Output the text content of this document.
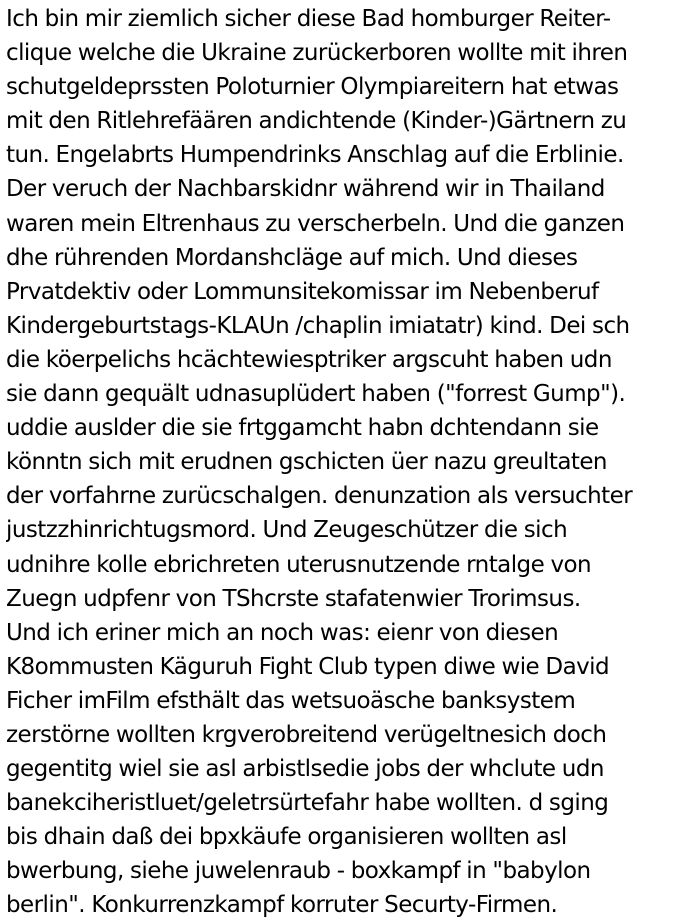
Ich bin mir ziemlich sicher diese Bad homburger Reiter-
clique welche die Ukraine zurückerboren wollte mit ihren
schutgeldeprssten Poloturnier Olympiareitern hat etwas
mit den Ritlehrefäären andichtende (Kinder-)Gärtnern zu
tun. Engelabrts Humpendrinks Anschlag auf die Erblinie.
Der veruch der Nachbarskidnr während wir in Thailand
waren mein Eltrenhaus zu verscherbeln. Und die ganzen
dhe rührenden Mordanshcläge auf mich. Und dieses
Prvatdektiv oder Lommunsitekomissar im Nebenberuf
Kindergeburtstags-KLAUn /chaplin imiatatr) kind. Dei sch
die köerpelichs hcächtewiesptriker argscuht haben udn
sie dann gequält udnasuplüdert haben ("forrest Gump").
uddie auslder die sie frtggamcht habn dchtendann sie
könntn sich mit erudnen gschicten üer nazu greultaten
der vorfahrne zurücschalgen. denunzation als versuchter
justzzhinrichtugsmord. Und Zeugeschützer die sich
udnihre kolle ebrichreten uterusnutzende rntalge von
Zuegn udpfenr von TShcrste stafatenwier Trorimsus.
Und ich eriner mich an noch was: eienr von diesen
K8ommusten Käguruh Fight Club typen diwe wie David
Ficher imFilm efsthält das wetsuoäsche banksystem
zerstörne wollten krgverobreitend verügeltnesich doch
gegentitg wiel sie asl arbistlsedie jobs der whclute udn
banekciheristluet/geletrsürtefahr habe wollten. d sging
bis dhain daß dei bpxkäufe organisieren wollten asl
bwerbung, siehe juwelenraub - boxkampf in "babylon
berlin". Konkurrenzkampf korruter Securty-Firmen.
